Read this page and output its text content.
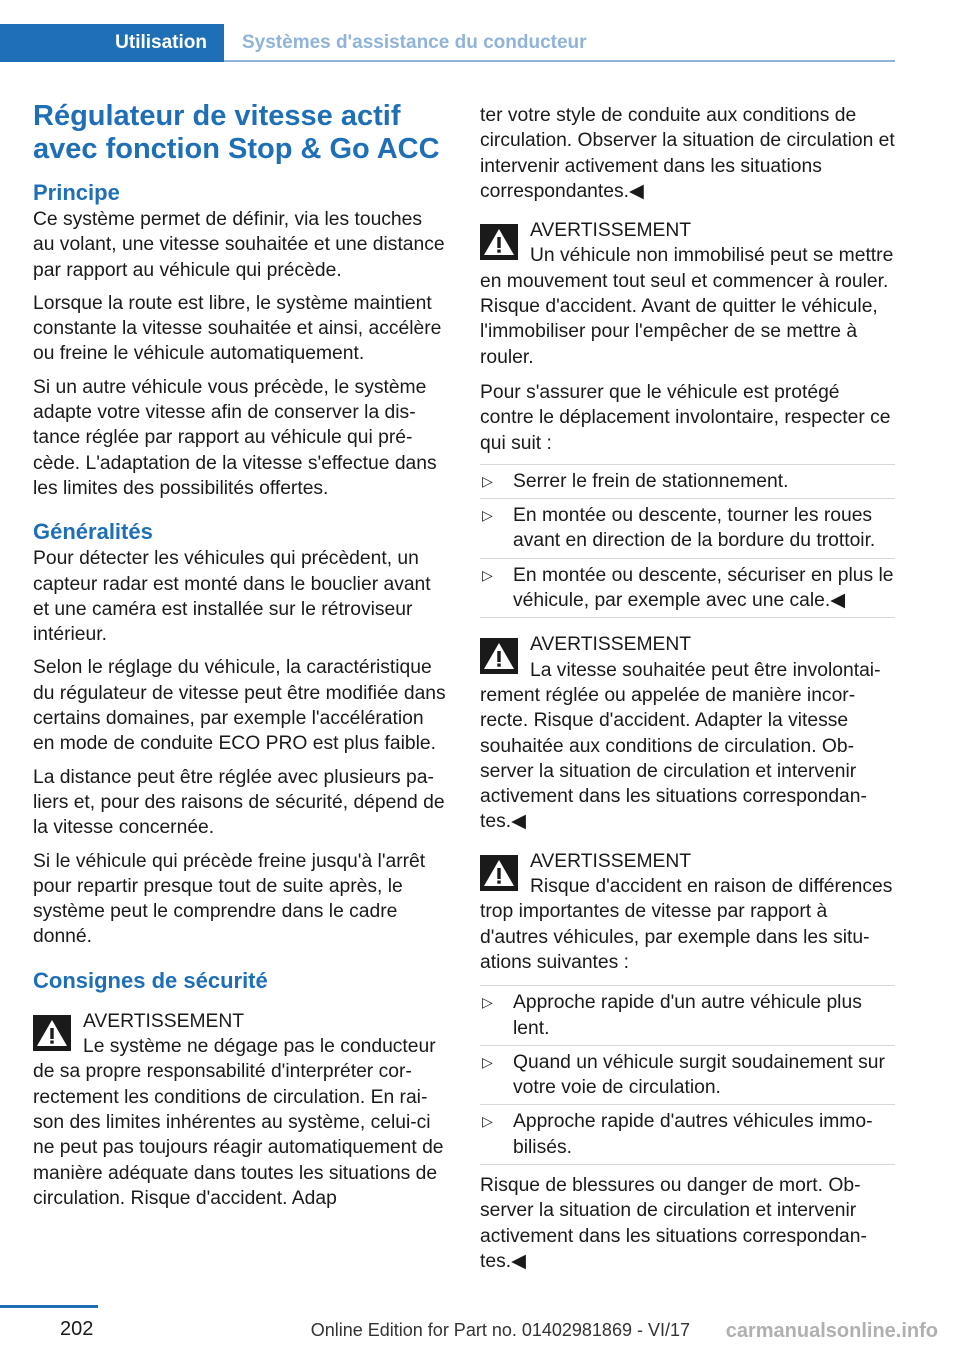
Utilisation	Systèmes d'assistance du conducteur
Régulateur de vitesse actif avec fonction Stop & Go ACC
Principe

Ce système permet de définir, via les touches au volant, une vitesse souhaitée et une distance par rapport au véhicule qui précède.

Lorsque la route est libre, le système maintient constante la vitesse souhaitée et ainsi, accélère ou freine le véhicule automatiquement.

Si un autre véhicule vous précède, le système adapte votre vitesse afin de conserver la distance réglée par rapport au véhicule qui précède. L'adaptation de la vitesse s'effectue dans les limites des possibilités offertes.

Généralités

Pour détecter les véhicules qui précèdent, un capteur radar est monté dans le bouclier avant et une caméra est installée sur le rétroviseur intérieur.

Selon le réglage du véhicule, la caractéristique du régulateur de vitesse peut être modifiée dans certains domaines, par exemple l'accélération en mode de conduite ECO PRO est plus faible.

La distance peut être réglée avec plusieurs paliers et, pour des raisons de sécurité, dépend de la vitesse concernée.

Si le véhicule qui précède freine jusqu'à l'arrêt pour repartir presque tout de suite après, le système peut le comprendre dans le cadre donné.

Consignes de sécurité
AVERTISSEMENT
Le système ne dégage pas le conducteur de sa propre responsabilité d'interpréter correctement les conditions de circulation. En raison des limites inhérentes au système, celui-ci ne peut pas toujours réagir automatiquement de manière adéquate dans toutes les situations de circulation. Risque d'accident. Adap

ter votre style de conduite aux conditions de circulation. Observer la situation de circulation et intervenir activement dans les situations correspondantes.◀

AVERTISSEMENT
Un véhicule non immobilisé peut se mettre en mouvement tout seul et commencer à rouler. Risque d'accident. Avant de quitter le véhicule, l'immobiliser pour l'empêcher de se mettre à rouler.

Pour s'assurer que le véhicule est protégé contre le déplacement involontaire, respecter ce qui suit :

▷ Serrer le frein de stationnement.
▷ En montée ou descente, tourner les roues avant en direction de la bordure du trottoir.
▷ En montée ou descente, sécuriser en plus le véhicule, par exemple avec une cale.◀
AVERTISSEMENT
La vitesse souhaitée peut être involontairement réglée ou appelée de manière incorrecte. Risque d'accident. Adapter la vitesse souhaitée aux conditions de circulation. Observer la situation de circulation et intervenir activement dans les situations correspondantes.◀
AVERTISSEMENT
Risque d'accident en raison de différences trop importantes de vitesse par rapport à d'autres véhicules, par exemple dans les situations suivantes :
▷ Approche rapide d'un autre véhicule plus lent.
▷ Quand un véhicule surgit soudainement sur votre voie de circulation.
▷ Approche rapide d'autres véhicules immobilisés.

Risque de blessures ou danger de mort. Observer la situation de circulation et intervenir activement dans les situations correspondantes.◀

202	Online Edition for Part no. 01402981869 - VI/17 carmanualsonline.info
